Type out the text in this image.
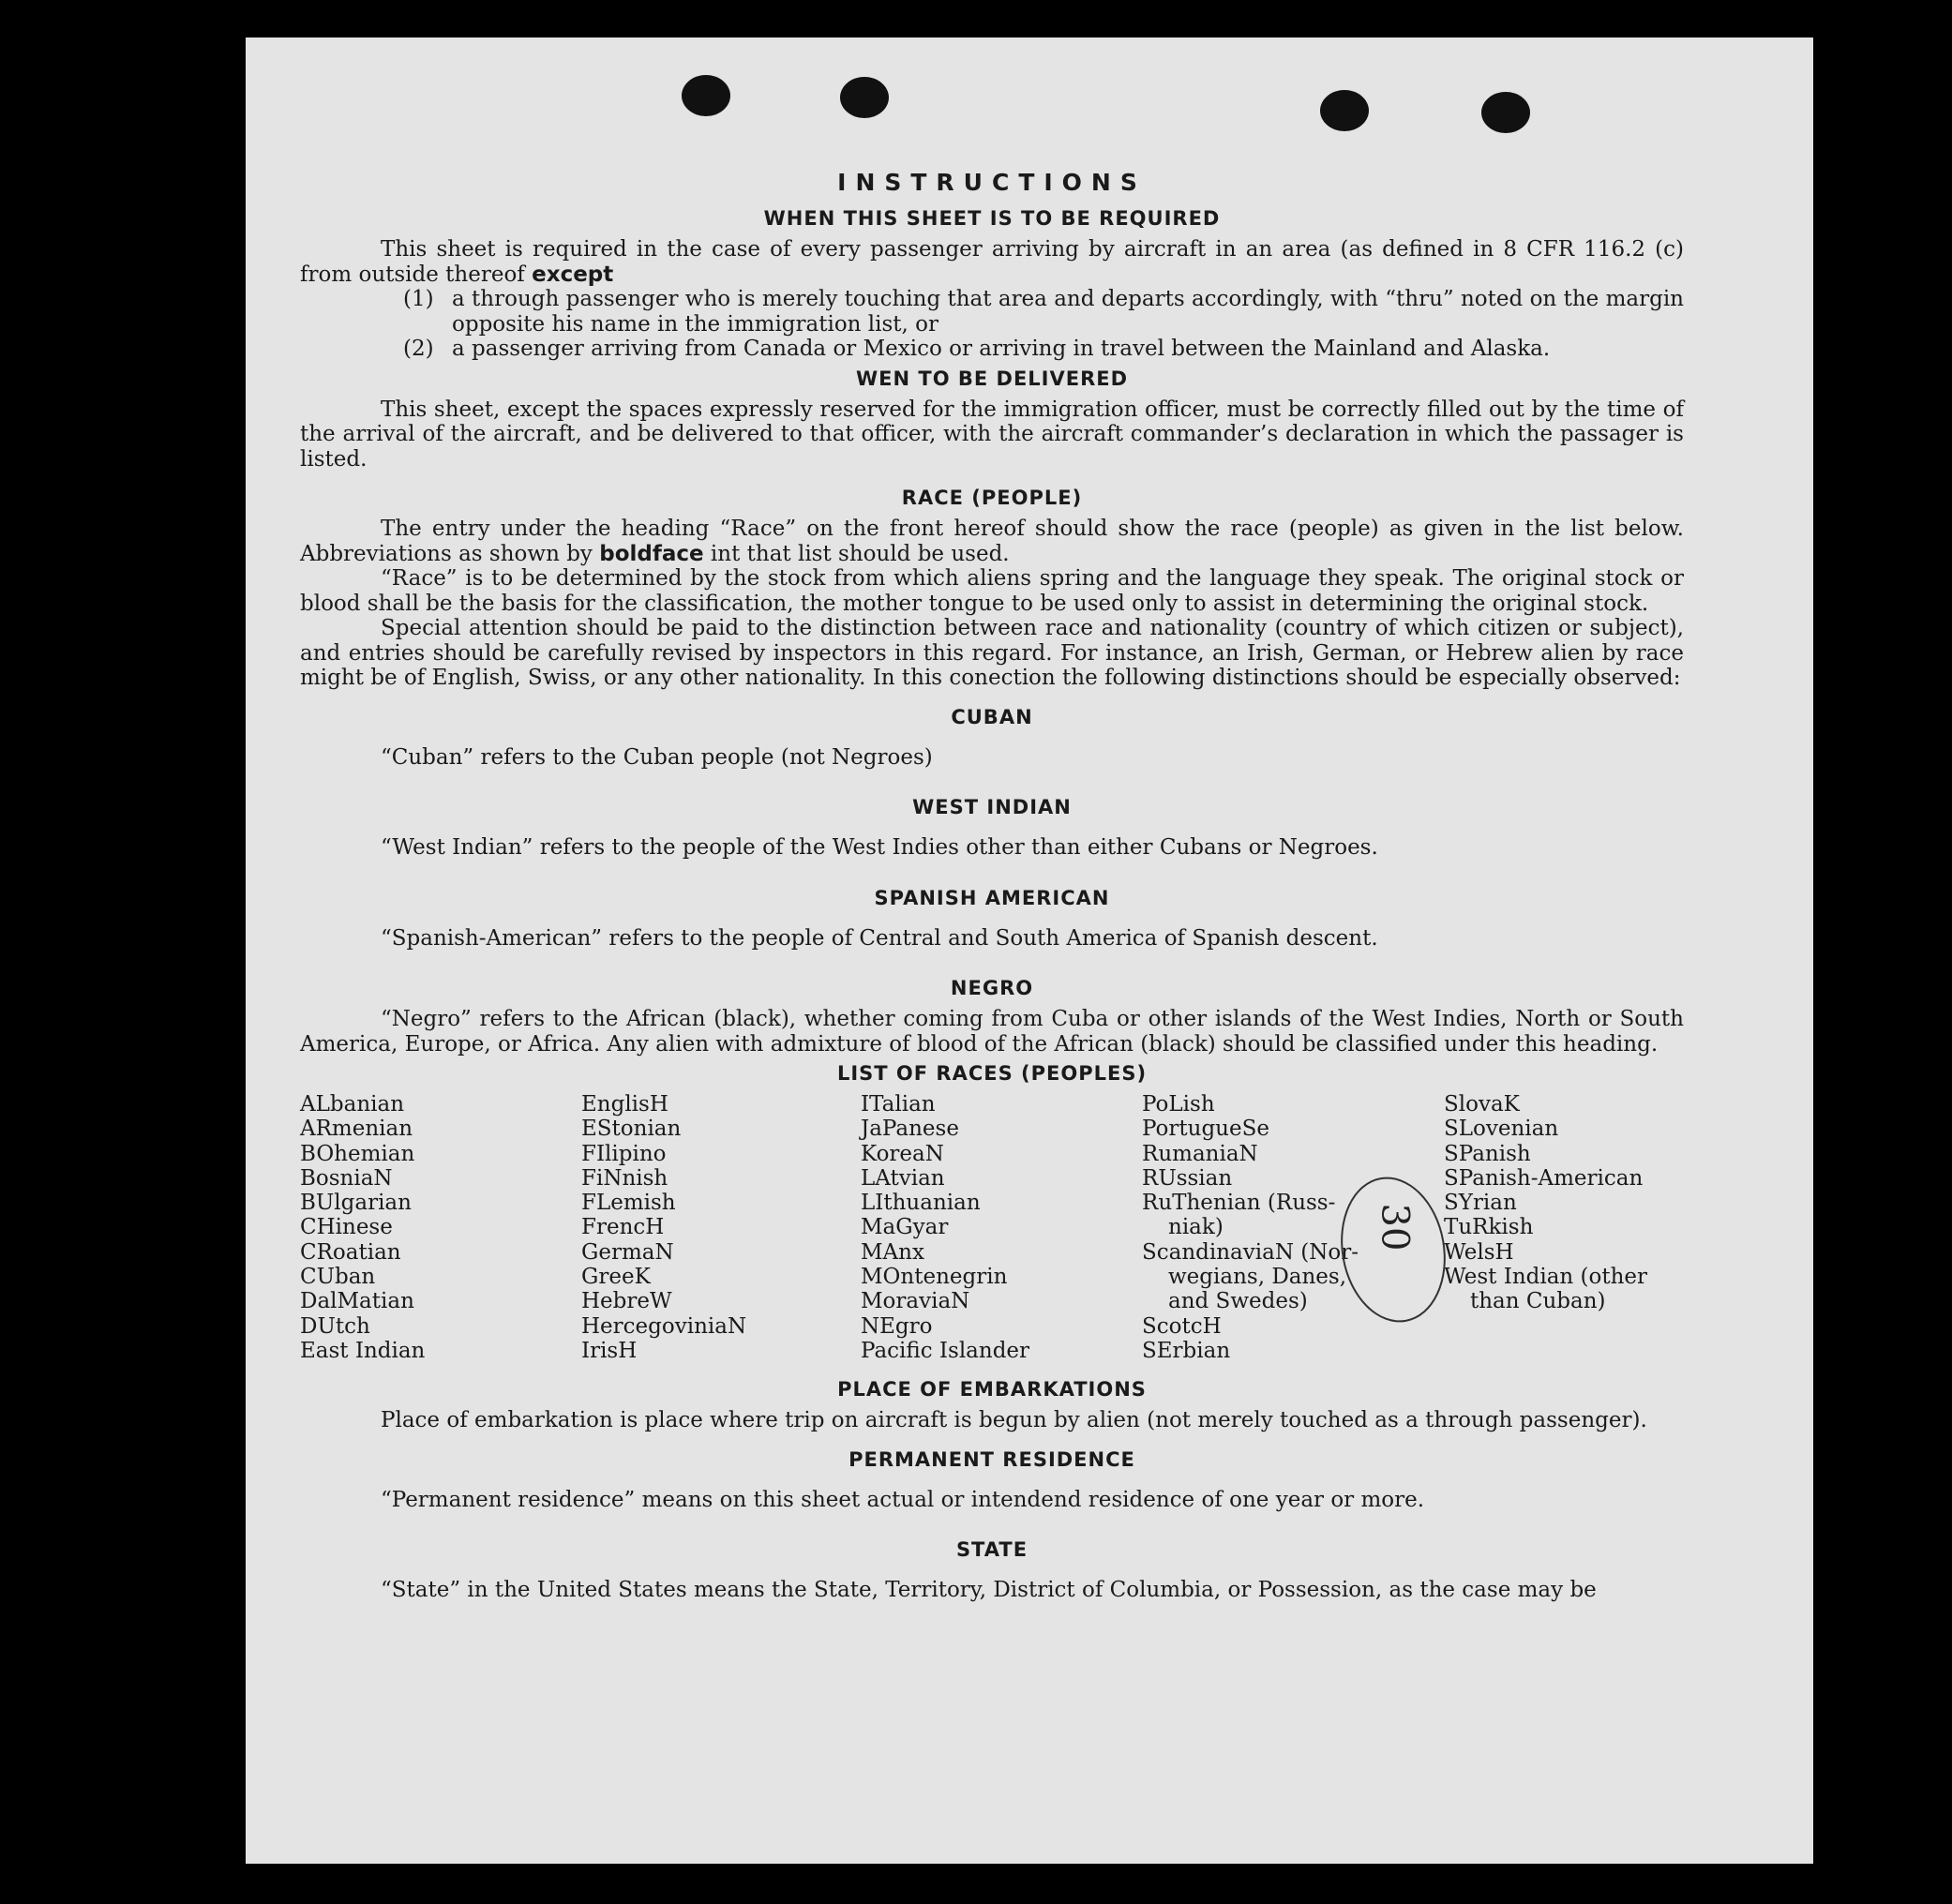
INSTRUCTIONS
WHEN THIS SHEET IS TO BE REQUIRED

This sheet is required in the case of every passenger arriving by aircraft in an area (as defined in 8 CFR 116.2 (c) from outside thereof except

(1) a through passenger who is merely touching that area and departs accordingly, with “thru” noted on the margin opposite his name in the immigration list, or
(2) a passenger arriving from Canada or Mexico or arriving in travel between the Mainland and Alaska.
WEN TO BE DELIVERED

This sheet, except the spaces expressly reserved for the immigration officer, must be correctly filled out by the time of the arrival of the aircraft, and be delivered to that officer, with the aircraft commander’s declaration in which the passager is listed.

RACE (PEOPLE)

The entry under the heading “Race” on the front hereof should show the race (people) as given in the list below. Abbreviations as shown by boldface int that list should be used.

“Race” is to be determined by the stock from which aliens spring and the language they speak. The original stock or blood shall be the basis for the classification, the mother tongue to be used only to assist in determining the original stock.

Special attention should be paid to the distinction between race and nationality (country of which citizen or subject), and entries should be carefully revised by inspectors in this regard. For instance, an Irish, German, or Hebrew alien by race might be of English, Swiss, or any other nationality. In this conection the following distinctions should be especially observed:

CUBAN

“Cuban” refers to the Cuban people (not Negroes)

WEST INDIAN

“West Indian” refers to the people of the West Indies other than either Cubans or Negroes.

SPANISH AMERICAN

“Spanish-American” refers to the people of Central and South America of Spanish descent.

NEGRO

“Negro” refers to the African (black), whether coming from Cuba or other islands of the West Indies, North or South America, Europe, or Africa. Any alien with admixture of blood of the African (black) should be classified under this heading.

LIST OF RACES (PEOPLES)
ALbanian
ARmenian
BOhemian
BosniaN
BUlgarian
CHinese
CRoatian
CUban
DalMatian
DUtch
East Indian
EnglisH
EStonian
FIlipino
FiNnish
FLemish
FrencH
GermaN
GreeK
HebreW
HercegoviniaN
IrisH
ITalian
JaPanese
KoreaN
LAtvian
LIthuanian
MaGyar
MAnx
MOntenegrin
MoraviaN
NEgro
Pacific Islander
PoLish
PortugueSe
RumaniaN
RUssian
RuThenian (Russ-
niak)
ScandinaviaN (Nor-
wegians, Danes,
and Swedes)
ScotcH
SErbian
SlovaK
SLovenian
SPanish
SPanish-American
SYrian
TuRkish
WelsH
West Indian (other
than Cuban)
PLACE OF EMBARKATIONS

Place of embarkation is place where trip on aircraft is begun by alien (not merely touched as a through passenger).

PERMANENT RESIDENCE

“Permanent residence” means on this sheet actual or intendend residence of one year or more.

STATE

“State” in the United States means the State, Territory, District of Columbia, or Possession, as the case may be

30
